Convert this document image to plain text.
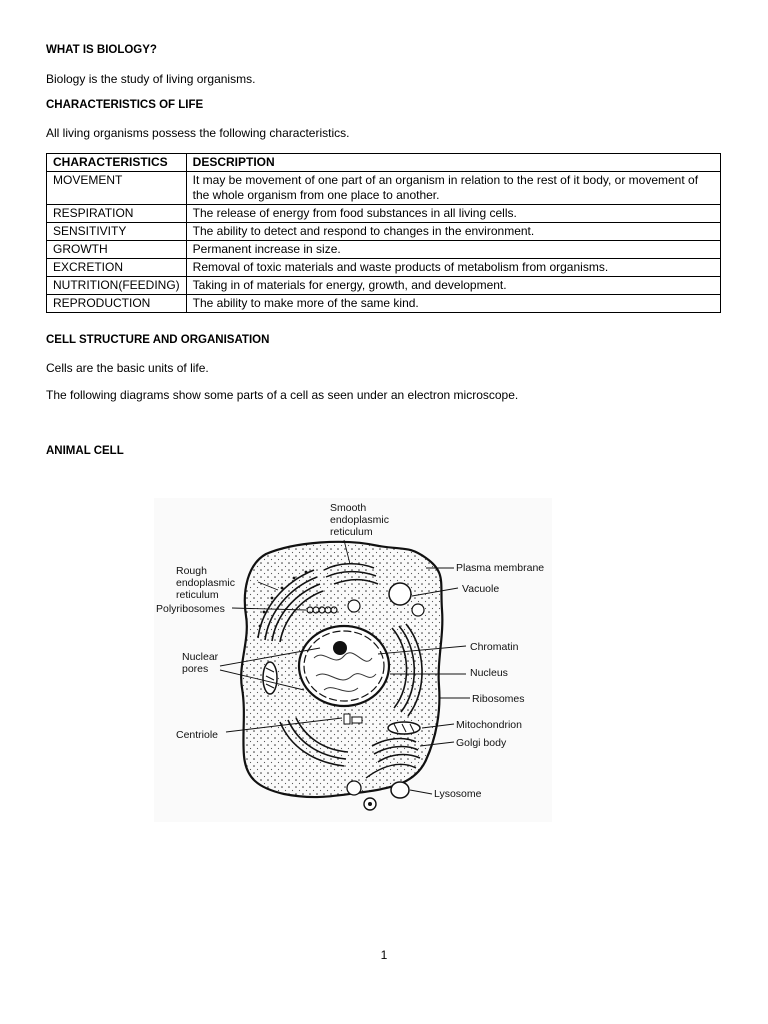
WHAT IS BIOLOGY?
Biology is the study of living organisms.
CHARACTERISTICS OF LIFE
All living organisms possess the following characteristics.
CHARACTERISTICS	DESCRIPTION
MOVEMENT	It may be movement of one part of an organism in relation to the rest of it body, or movement of the whole organism from one place to another.
RESPIRATION	The release of energy from food substances in all living cells.
SENSITIVITY	The ability to detect and respond to changes in the environment.
GROWTH	Permanent increase in size.
EXCRETION	Removal of toxic materials and waste products of metabolism from organisms.
NUTRITION(FEEDING)	Taking in of materials for energy, growth, and development.
REPRODUCTION	The ability to make more of the same kind.
CELL STRUCTURE AND ORGANISATION
Cells are the basic units of life.
The following diagrams show some parts of a cell as seen under an electron microscope.
ANIMAL CELL
Smooth
endoplasmic
reticulum
Rough
endoplasmic
reticulum
Polyribosomes
Nuclear
pores
Centriole
Plasma membrane
Vacuole
Chromatin
Nucleus
Ribosomes
Mitochondrion
Golgi body
Lysosome
1
